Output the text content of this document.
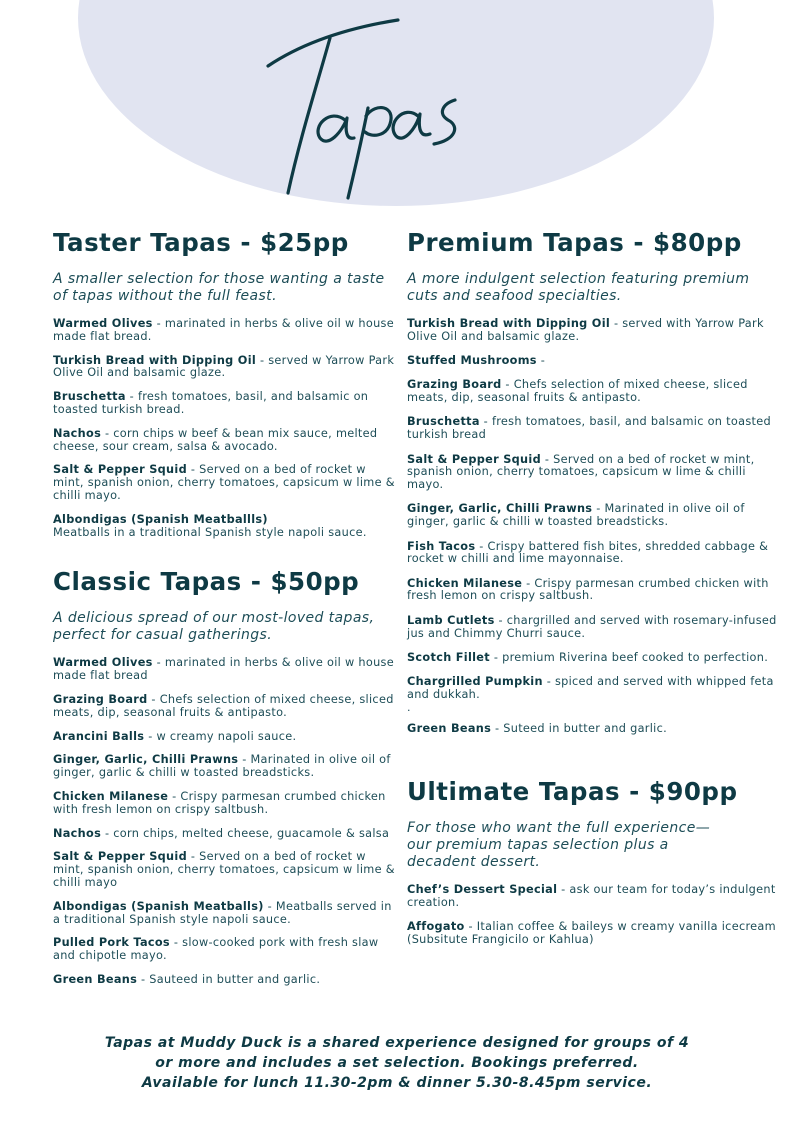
Taster Tapas - $25pp

A smaller selection for those wanting a taste of tapas without the full feast.

Warmed Olives - marinated in herbs & olive oil w house made flat bread.

Turkish Bread with Dipping Oil - served w Yarrow Park Olive Oil and balsamic glaze.

Bruschetta - fresh tomatoes, basil, and balsamic on toasted turkish bread.

Nachos - corn chips w beef & bean mix sauce, melted cheese, sour cream, salsa & avocado.

Salt & Pepper Squid - Served on a bed of rocket w mint, spanish onion, cherry tomatoes, capsicum w lime & chilli mayo.

Albondigas (Spanish Meatballls)
Meatballs in a traditional Spanish style napoli sauce.

Classic Tapas - $50pp

A delicious spread of our most-loved tapas, perfect for casual gatherings.

Warmed Olives - marinated in herbs & olive oil w house made flat bread

Grazing Board - Chefs selection of mixed cheese, sliced meats, dip, seasonal fruits & antipasto.

Arancini Balls - w creamy napoli sauce.

Ginger, Garlic, Chilli Prawns - Marinated in olive oil of ginger, garlic & chilli w toasted breadsticks.

Chicken Milanese - Crispy parmesan crumbed chicken with fresh lemon on crispy saltbush.

Nachos - corn chips, melted cheese, guacamole & salsa

Salt & Pepper Squid - Served on a bed of rocket w mint, spanish onion, cherry tomatoes, capsicum w lime & chilli mayo

Albondigas (Spanish Meatballs) - Meatballs served in a traditional Spanish style napoli sauce.

Pulled Pork Tacos - slow-cooked pork with fresh slaw and chipotle mayo.

Green Beans - Sauteed in butter and garlic.

Premium Tapas - $80pp

A more indulgent selection featuring premium cuts and seafood specialties.

Turkish Bread with Dipping Oil - served with Yarrow Park Olive Oil and balsamic glaze.

Stuffed Mushrooms -

Grazing Board - Chefs selection of mixed cheese, sliced meats, dip, seasonal fruits & antipasto.

Bruschetta - fresh tomatoes, basil, and balsamic on toasted turkish bread

Salt & Pepper Squid - Served on a bed of rocket w mint, spanish onion, cherry tomatoes, capsicum w lime & chilli mayo.

Ginger, Garlic, Chilli Prawns - Marinated in olive oil of ginger, garlic & chilli w toasted breadsticks.

Fish Tacos - Crispy battered fish bites, shredded cabbage & rocket w chilli and lime mayonnaise.

Chicken Milanese - Crispy parmesan crumbed chicken with fresh lemon on crispy saltbush.

Lamb Cutlets - chargrilled and served with rosemary-infused jus and Chimmy Churri sauce.

Scotch Fillet - premium Riverina beef cooked to perfection.

Chargrilled Pumpkin - spiced and served with whipped feta and dukkah.

.

Green Beans - Suteed in butter and garlic.

Ultimate Tapas - $90pp

For those who want the full experience— our premium tapas selection plus a decadent dessert.

Chef’s Dessert Special - ask our team for today’s indulgent creation.

Affogato - Italian coffee & baileys w creamy vanilla icecream (Subsitute Frangicilo or Kahlua)

Tapas at Muddy Duck is a shared experience designed for groups of 4
or more and includes a set selection. Bookings preferred.
Available for lunch 11.30-2pm & dinner 5.30-8.45pm service.
